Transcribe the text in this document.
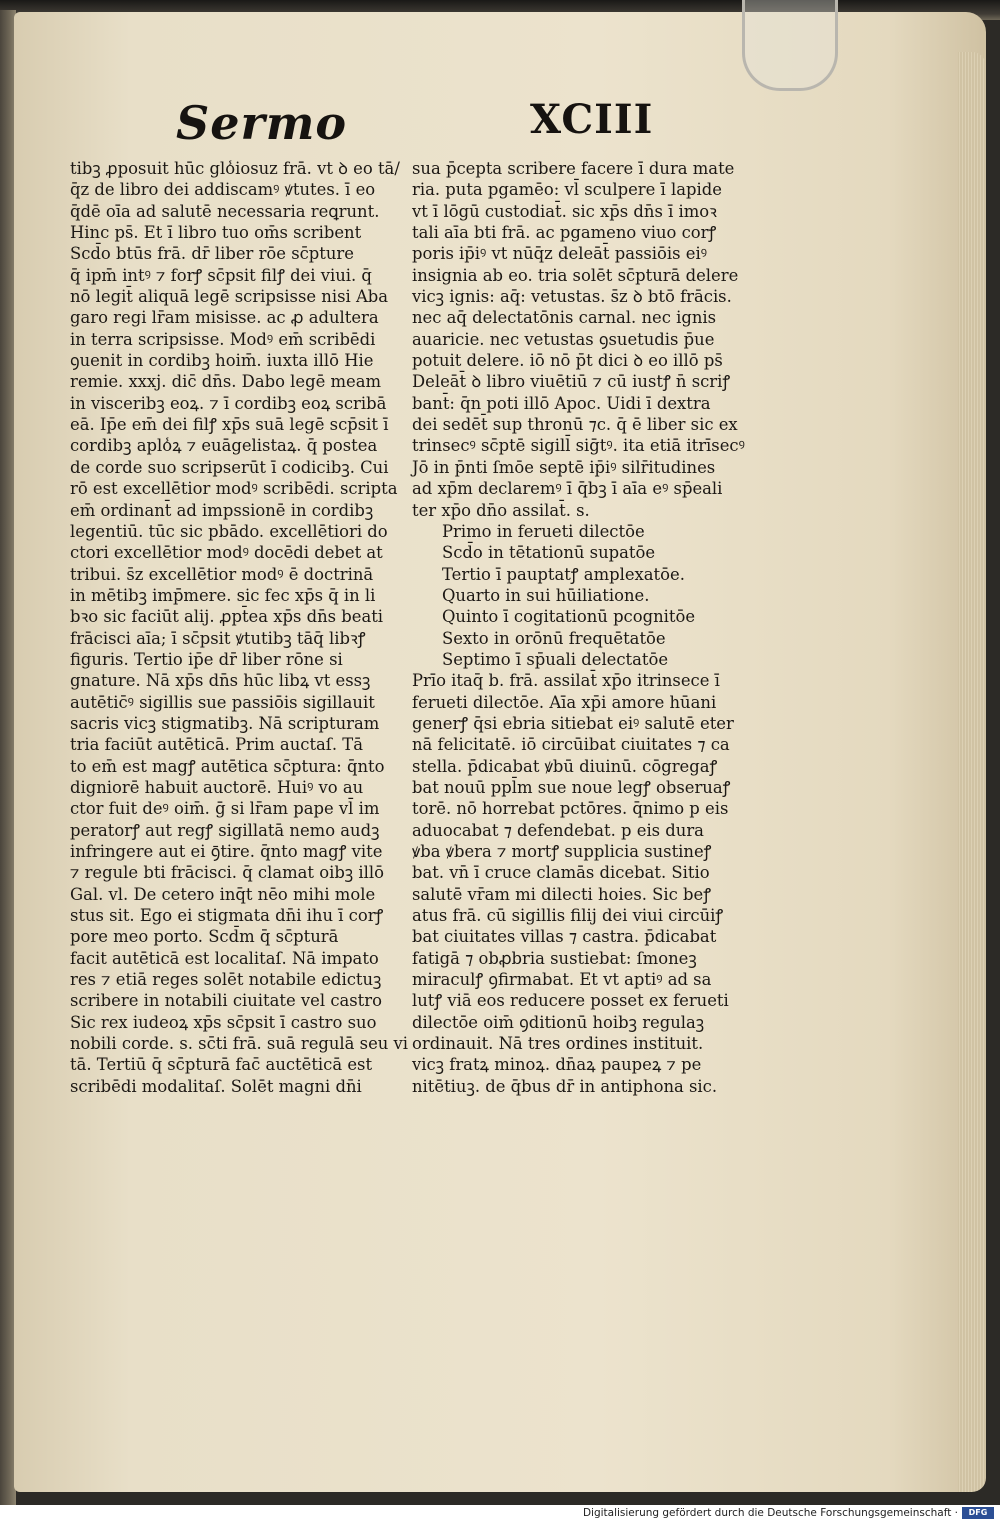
Sermo	XCIII
tibꝫ ꝓposuit hūc glo̾iosuz frā. vt ꝺ eo tā/
q̄z de libro dei addiscamꝰ ꝟtutes. ī eo
q̄dē oīa ad salutē necessaria reꝗrunt.
Hinc ps̄. Et ī libro tuo om̄s scribent
Scd̄o btūs frā. dr̄ liber rōe sc̄pture
q̄ ipm̄ intꝰ ⁊ forꝭ sc̄psit filꝭ dei viui. q̄
nō legit̄ aliquā legē scripsisse nisi Aba
garo regi lr̄am misisse. ac ꝓ adultera
in terra scripsisse. Modꝰ em̄ scribēdi
ꝯuenit in cordibꝫ hoim̄. iuxta illō Hie
remie. xxxj. dic̄ dn̄s. Dabo legē meam
in visceribꝫ eoꝝ. ⁊ ī cordibꝫ eoꝝ scribā
eā. Ip̄e em̄ dei filꝭ xp̄s suā legē scp̄sit ī
cordibꝫ aplo̾ꝝ ⁊ euāgelistaꝝ. q̄ postea
de corde suo scripserūt ī codicibꝫ. Cui
rō est excellētior modꝰ scribēdi. scripta
em̄ ordinant̄ ad impssionē in cordibꝫ
legentiū. tūc sic pbādo. excellētiori do
ctori excellētior modꝰ docēdi debet at
tribui. s̄z excellētior modꝰ ē doctrinā
in mētibꝫ imp̄mere. sic fec xp̄s q̄ in li
bꝛo sic faciūt alij. ꝓpt̄ea xp̄s dn̄s beati
frācisci aīa; ī sc̄psit ꝟtutibꝫ tāq̄ libꝛꝭ
figuris. Tertio ip̄e dr̄ liber rōne si
gnature. Nā xp̄s dn̄s hūc libꝝ vt essꝫ
autētic̄ꝰ sigillis sue passiōis sigillauit
sacris vicꝫ stigmatibꝫ. Nā scripturam
tria faciūt autēticā. Prim auctaſ. Tā
to em̄ est magꝭ autētica sc̄ptura: q̄nto
digniorē habuit auctorē. Huiꝰ vo au
ctor fuit deꝰ oim̄. ḡ si lr̄am pape vl̄ im
peratorꝭ aut regꝭ sigillatā nemo audꝫ
infringere aut ei ꝯ̄tire. q̄nto magꝭ vite
⁊ regule bti frācisci. q̄ clamat oibꝫ illō
Gal. vl. De cetero inq̄t nēo mihi mole
stus sit. Ego ei stigmata dn̄i ihu ī corꝭ
pore meo porto. Scd̄m q̄ sc̄pturā
facit autēticā est localitaſ. Nā impato
res ⁊ etiā reges solēt notabile edictuꝫ
scribere in notabili ciuitate vel castro
Sic rex iudeoꝝ xp̄s sc̄psit ī castro suo
nobili corde. s. sc̄ti frā. suā regulā seu vi
tā. Tertiū q̄ sc̄pturā fac̄ auctēticā est
scribēdi modalitaſ. Solēt magni dn̄i
sua p̄cepta scribere facere ī dura mate
ria. puta pgamēo: vl̄ sculpere ī lapide
vt ī lōgū custodiat̄. sic xp̄s dn̄s ī imoꝛ
tali aīa bti frā. ac pgameno viuo corꝭ
poris ip̄iꝰ vt nūq̄z deleāt̄ passiōis eiꝰ
insignia ab eo. tria solēt sc̄pturā delere
vicꝫ ignis: aq̄: vetustas. s̄z ꝺ btō frācis.
nec aq̄ delectatōnis carnal. nec ignis
auaricie. nec vetustas ꝯsuetudis p̄ue
potuit delere. iō nō p̄t dici ꝺ eo illō ps̄
Deleāt̄ ꝺ libro viuētiū ⁊ cū iustꝭ n̄ scriꝭ
bant̄: q̄n poti illō Apoc. Uidi ī dextra
dei sedēt̄ sup thronū ⁊c. q̄ ē liber sic ex
trinsecꝰ sc̄ptē sigill̄ siḡtꝰ. ita etiā itrīsecꝰ
Jō in p̄nti ſmōe septē ip̄iꝰ silr̄itudines
ad xp̄m declaremꝰ ī q̄bꝫ ī aīa eꝰ sp̄eali
ter xp̄o dn̄o assilat̄. s.
Primo in ferueti dilectōe
Scd̄o in tētationū supatōe
Tertio ī pauptatꝭ amplexatōe.
Quarto in sui hūiliatione.
Quinto ī cogitationū pcognitōe
Sexto in orōnū frequētatōe
Septimo ī sp̄uali delectatōe
Prīo itaq̄ b. frā. assilat̄ xp̄o itrinsece ī
ferueti dilectōe. Aīa xp̄i amore hūani
generꝭ q̄si ebria sitiebat eiꝰ salutē eter
nā felicitatē. iō circūibat ciuitates ⁊ ca
stella. p̄dicabat ꝟbū diuinū. cōgregaꝭ
bat nouū ppl̄m sue noue legꝭ obseruaꝭ
torē. nō horrebat pctōres. q̄nimo p eis
aduocabat ⁊ defendebat. p eis dura
ꝟba ꝟbera ⁊ mortꝭ supplicia sustineꝭ
bat. vn̄ ī cruce clamās dicebat. Sitio
salutē vr̄am mi dilecti hoies. Sic beꝭ
atus frā. cū sigillis filij dei viui circūiꝭ
bat ciuitates villas ⁊ castra. p̄dicabat
fatigā ⁊ obꝓbria sustiebat: ſmoneꝫ
miraculꝭ ꝯfirmabat. Et vt aptiꝰ ad sa
lutꝭ viā eos reducere posset ex ferueti
dilectōe oim̄ ꝯditionū hoibꝫ regulaꝫ
ordinauit. Nā tres ordines instituit.
vicꝫ fratꝝ minoꝝ. dn̄aꝝ paupeꝝ ⁊ pe
nitētiuꝫ. de q̄bus dr̄ in antiphona sic.
Digitalisierung gefördert durch die Deutsche Forschungsgemeinschaft ·	DFG
